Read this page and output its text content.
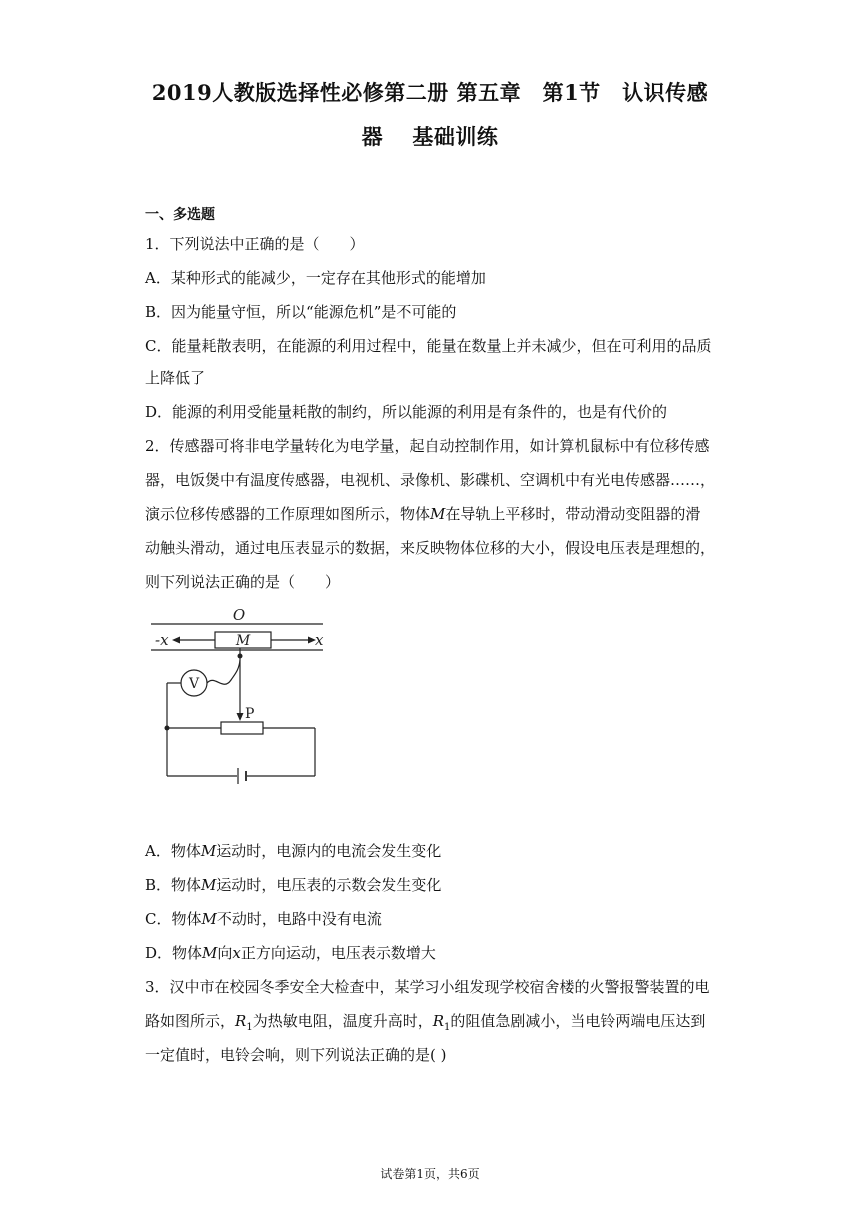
2019人教版选择性必修第二册 第五章　第1节　认识传感
器　 基础训练
一、多选题
1．下列说法中正确的是（　　）
A．某种形式的能减少，一定存在其他形式的能增加
B．因为能量守恒，所以“能源危机”是不可能的
C．能量耗散表明，在能源的利用过程中，能量在数量上并未减少，但在可利用的品质
上降低了
D．能源的利用受能量耗散的制约，所以能源的利用是有条件的，也是有代价的
2．传感器可将非电学量转化为电学量，起自动控制作用，如计算机鼠标中有位移传感
器，电饭煲中有温度传感器，电视机、录像机、影碟机、空调机中有光电传感器……，
演示位移传感器的工作原理如图所示，物体M在导轨上平移时，带动滑动变阻器的滑
动触头滑动，通过电压表显示的数据，来反映物体位移的大小，假设电压表是理想的，
则下列说法正确的是（　　）
O
-x	x
M
V
P
A．物体M运动时，电源内的电流会发生变化
B．物体M运动时，电压表的示数会发生变化
C．物体M不动时，电路中没有电流
D．物体M向x正方向运动，电压表示数增大
3．汉中市在校园冬季安全大检查中，某学习小组发现学校宿舍楼的火警报警装置的电
路如图所示，$R_1$为热敏电阻，温度升高时，$R_1$的阻值急剧减小，当电铃两端电压达到
一定值时，电铃会响，则下列说法正确的是( )
试卷第1页，共6页
